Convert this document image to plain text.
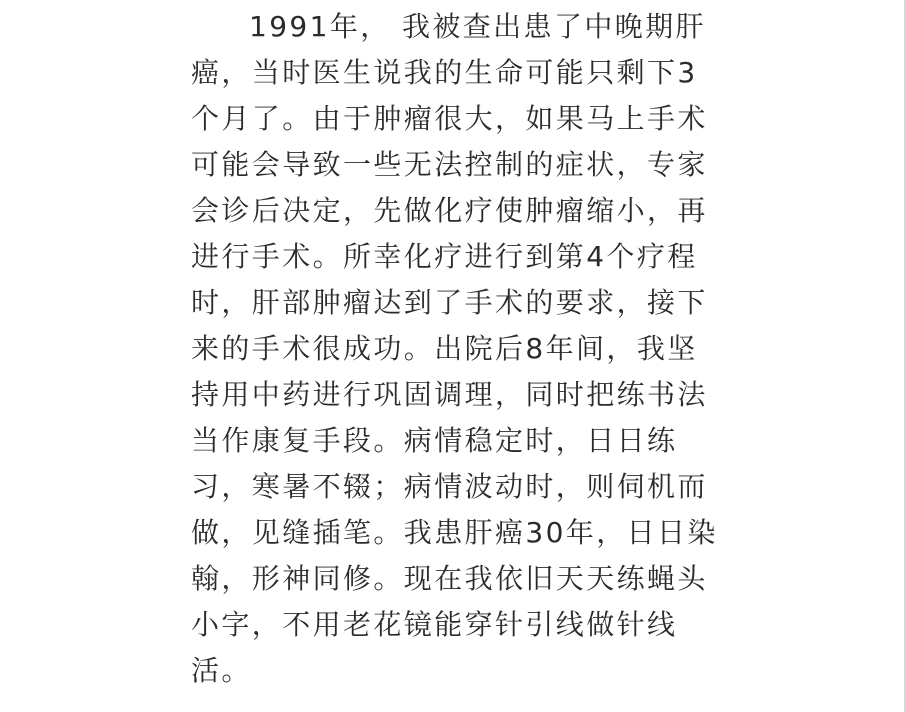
1991年， 我被查出患了中晚期肝
癌，当时医生说我的生命可能只剩下3
个月了。由于肿瘤很大，如果马上手术
可能会导致一些无法控制的症状，专家
会诊后决定，先做化疗使肿瘤缩小，再
进行手术。所幸化疗进行到第4个疗程
时，肝部肿瘤达到了手术的要求，接下
来的手术很成功。出院后8年间，我坚
持用中药进行巩固调理，同时把练书法
当作康复手段。病情稳定时，日日练
习，寒暑不辍；病情波动时，则伺机而
做，见缝插笔。我患肝癌30年，日日染
翰，形神同修。现在我依旧天天练蝇头
小字，不用老花镜能穿针引线做针线
活。
